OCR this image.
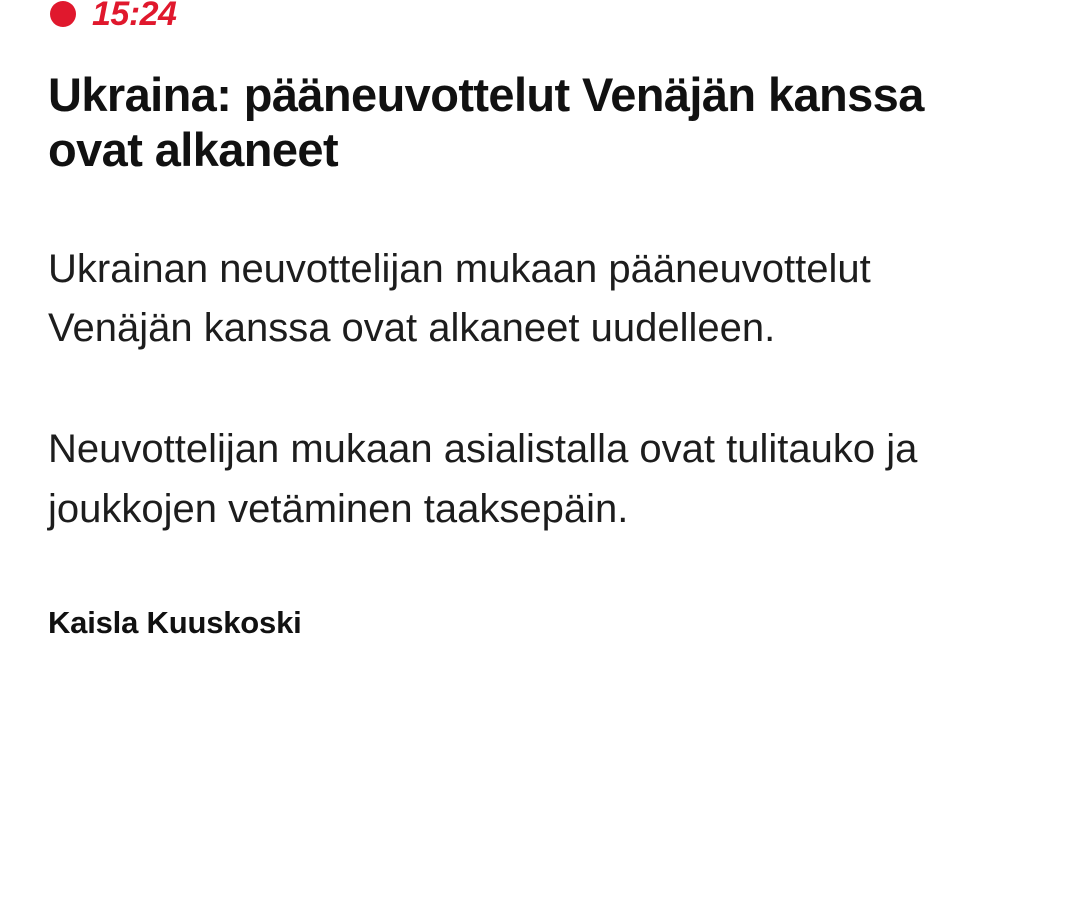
15:24
Ukraina: pääneuvottelut Venäjän kanssa ovat alkaneet

Ukrainan neuvottelijan mukaan pääneuvottelut Venäjän kanssa ovat alkaneet uudelleen.

Neuvottelijan mukaan asialistalla ovat tulitauko ja joukkojen vetäminen taaksepäin.

Kaisla Kuuskoski
